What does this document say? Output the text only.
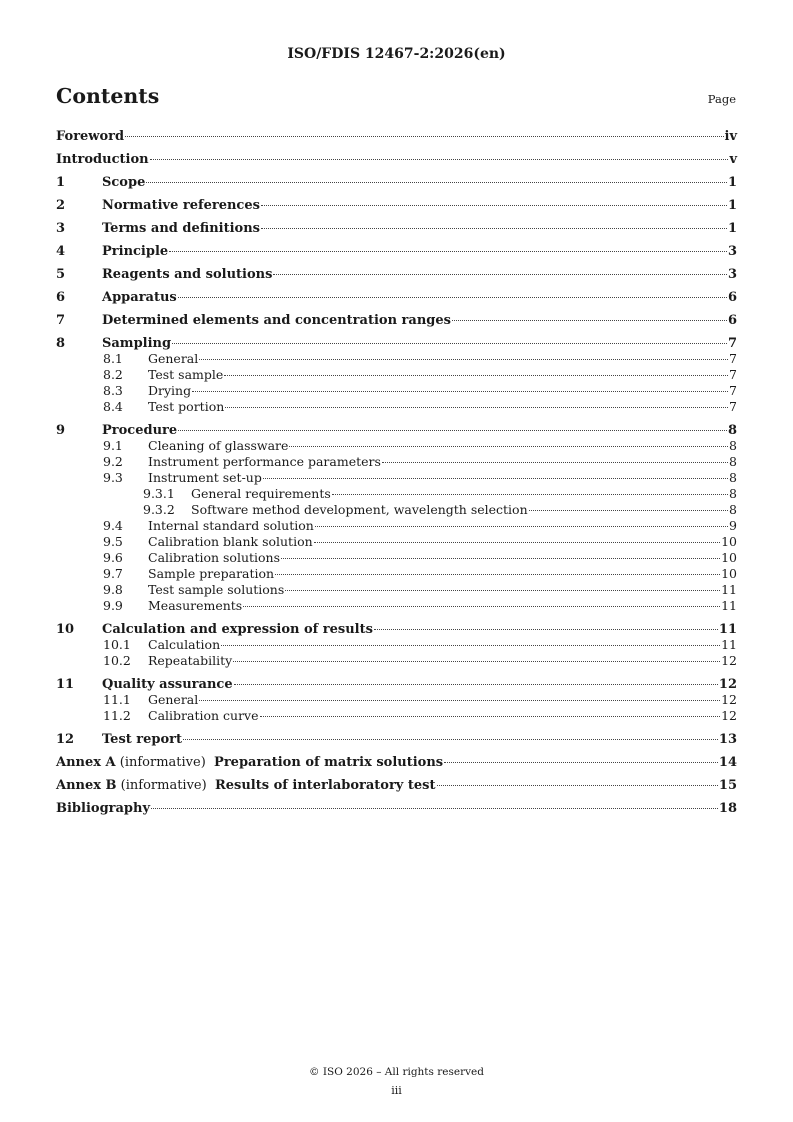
ISO/FDIS 12467-2:2026(en)
Contents	Page
Foreword	iv
Introduction	v
1	Scope	1
2	Normative references	1
3	Terms and definitions	1
4	Principle	3
5	Reagents and solutions	3
6	Apparatus	6
7	Determined elements and concentration ranges	6
8	Sampling	7
8.1	General	7
8.2	Test sample	7
8.3	Drying	7
8.4	Test portion	7
9	Procedure	8
9.1	Cleaning of glassware	8
9.2	Instrument performance parameters	8
9.3	Instrument set-up	8
9.3.1	General requirements	8
9.3.2	Software method development, wavelength selection	8
9.4	Internal standard solution	9
9.5	Calibration blank solution	10
9.6	Calibration solutions	10
9.7	Sample preparation	10
9.8	Test sample solutions	11
9.9	Measurements	11
10	Calculation and expression of results	11
10.1	Calculation	11
10.2	Repeatability	12
11	Quality assurance	12
11.1	General	12
11.2	Calibration curve	12
12	Test report	13
Annex A (informative)  Preparation of matrix solutions	14
Annex B (informative)  Results of interlaboratory test	15
Bibliography	18
© ISO 2026 – All rights reserved
iii
